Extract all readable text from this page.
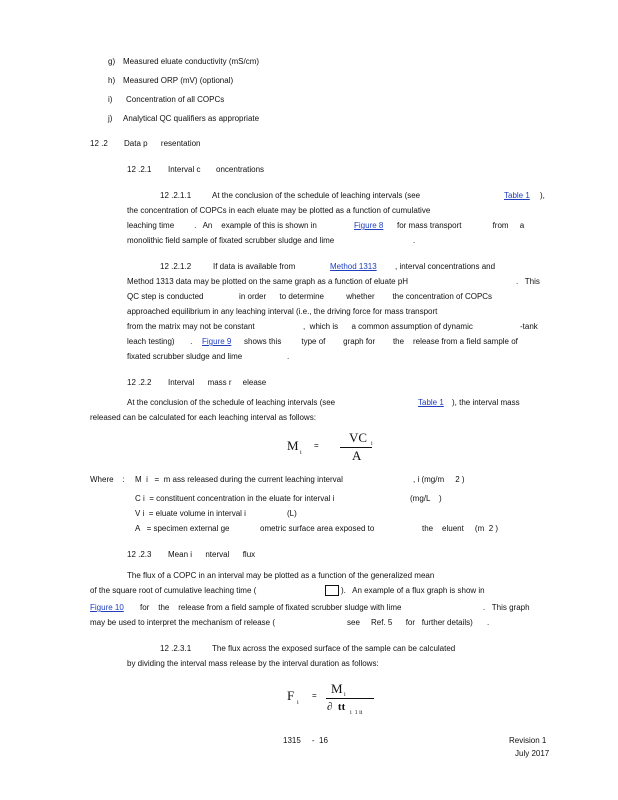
g) Measured eluate conductivity (mS/cm)
h) Measured ORP (mV) (optional)
i) Concentration of all COPCs
j) Analytical QC qualifiers as appropriate
12 .2 Data p      resentation
12 .2.1 Interval c       oncentrations
12 .2.1.1	At the conclusion of the schedule of leaching intervals (see	Table 1 ),
the concentration of COPCs in each eluate may be plotted as a function of cumulative
leaching time         .   An    example of this is shown in	Figure 8 for mass transport              from     a
monolithic field sample of fixated scrubber sludge and lime	.
12 .2.1.2	If data is available from	Method 1313 , interval concentrations and
Method 1313 data may be plotted on the same graph as a function of eluate pH	.   This
QC step is conducted                in order      to determine          whether        the concentration of COPCs
approached equilibrium in any leaching interval (i.e., the driving force for mass transport
from the matrix may not be constant	,  which is      a common assumption of dynamic	-tank
leach testing)       . Figure 9 shows this         type of        graph for        the    release from a field sample of
fixated scrubber sludge and lime	.
12 .2.2 Interval      mass r     elease
At the conclusion of the schedule of leaching intervals (see	Table 1 ), the interval mass
released can be calculated for each leaching interval as follows:
M i
=
VC i
A
Where    : M  i   =  m ass released during the current leaching interval	, i (mg/m     2 )
C i  = constituent concentration in the eluate for interval i	(mg/L    )
V i  = eluate volume in interval i	(L)
A   = specimen external ge	ometric surface area exposed to	the    eluent     (m  2 )
12 .2.3 Mean i      nterval      flux
The flux of a COPC in an interval may be plotted as a function of the generalized mean
of the square root of cumulative leaching time (	).   An example of a flux graph is show in
Figure 10 for    the    release from a field sample of fixated scrubber sludge with lime	.   This graph
may be used to interpret the mechanism of release (	see     Ref. 5      for   further details) .
12 .2.3.1	The flux across the exposed surface of the sample can be calculated
by dividing the interval mass release by the interval duration as follows:
F i
= M i
∂  tt i  1 ii
1315     -  16	Revision 1
July 2017
